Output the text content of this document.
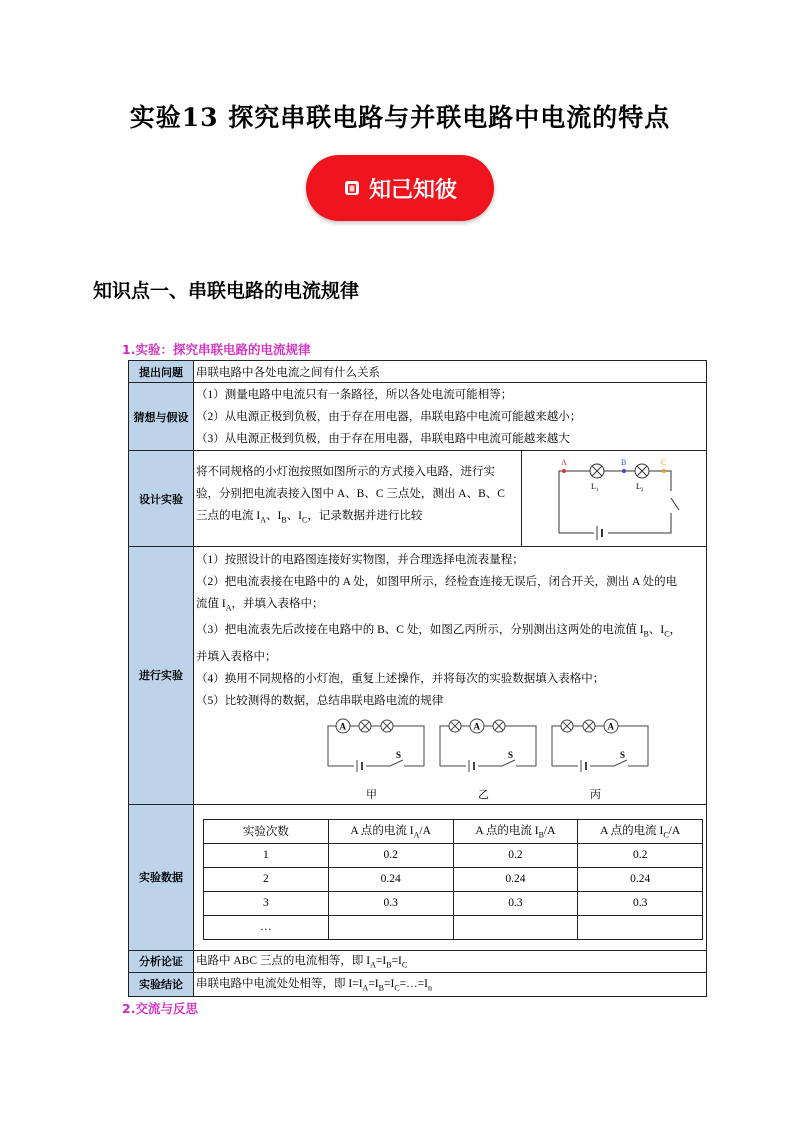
实验13 探究串联电路与并联电路中电流的特点
知己知彼
知识点一、串联电路的电流规律
1.实验：探究串联电路的电流规律
提出问题	串联电路中各处电流之间有什么关系
猜想与假设	
（1）测量电路中电流只有一条路径，所以各处电流可能相等；
（2）从电源正极到负极，由于存在用电器，串联电路中电流可能越来越小；
（3）从电源正极到负极，由于存在用电器，串联电路中电流可能越来越大

设计实验	
将不同规格的小灯泡按照如图所示的方式接入电路，进行实
验，分别把电流表接入图中 A、B、C 三点处，测出 A、B、C
三点的电流 $I_A$、$I_B$、$I_C$，记录数据并进行比较
A	B	C
$L_1$	$L_2$

进行实验	
（1）按照设计的电路图连接好实物图，并合理选择电流表量程；
（2）把电流表接在电路中的 A 处，如图甲所示，经检查连接无误后，闭合开关，测出 A 处的电
流值 $I_A$，并填入表格中；
（3）把电流表先后改接在电路中的 B、C 处，如图乙丙所示，分别测出这两处的电流值 $I_B$、$I_C$，
并填入表格中；
（4）换用不同规格的小灯泡，重复上述操作，并将每次的实验数据填入表格中；
（5）比较测得的数据，总结串联电路电流的规律
A
S
甲
A
S
乙
A
S
丙

实验数据	
实验次数	A 点的电流 $I_A/A$	A 点的电流 $I_B/A$	A 点的电流 $I_C/A$
1	0.2	0.2	0.2
2	0.24	0.24	0.24
3	0.3	0.3	0.3
…			

分析论证	电路中 ABC 三点的电流相等，即 $I_A=I_B=I_C$
实验结论	串联电路中电流处处相等，即 $I=I_A=I_B=I_C=\dots=I_n$
2.交流与反思
